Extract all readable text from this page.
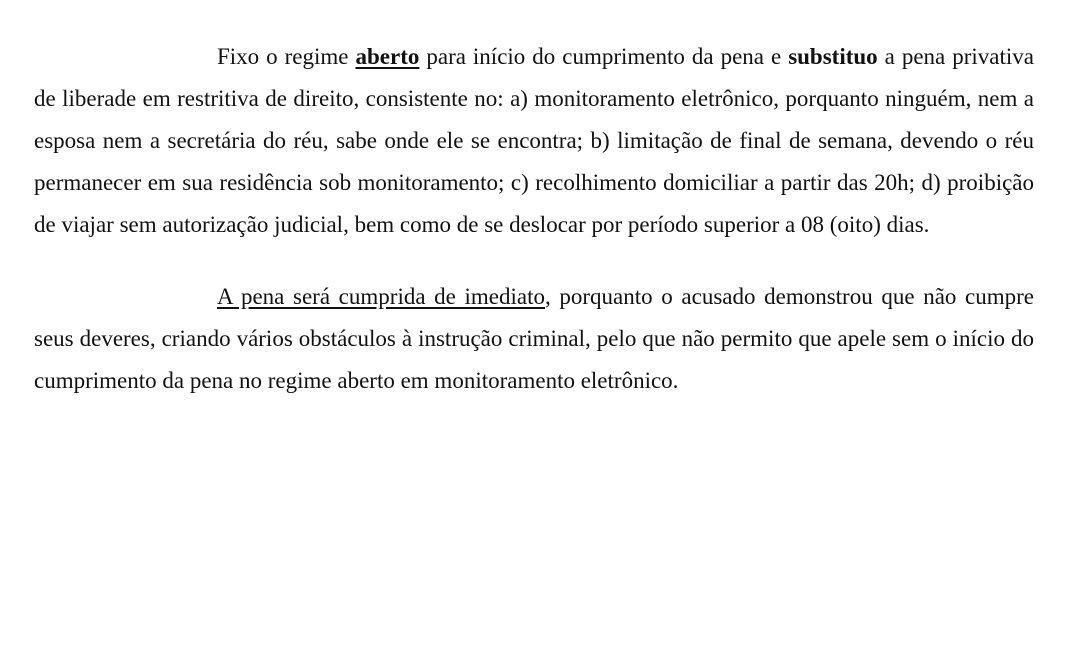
Fixo o regime aberto para início do cumprimento da pena e substituo a pena privativa de liberade em restritiva de direito, consistente no: a) monitoramento eletrônico, porquanto ninguém, nem a esposa nem a secretária do réu, sabe onde ele se encontra; b) limitação de final de semana, devendo o réu permanecer em sua residência sob monitoramento; c) recolhimento domiciliar a partir das 20h; d) proibição de viajar sem autorização judicial, bem como de se deslocar por período superior a 08 (oito) dias.

A pena será cumprida de imediato, porquanto o acusado demonstrou que não cumpre seus deveres, criando vários obstáculos à instrução criminal, pelo que não permito que apele sem o início do cumprimento da pena no regime aberto em monitoramento eletrônico.
